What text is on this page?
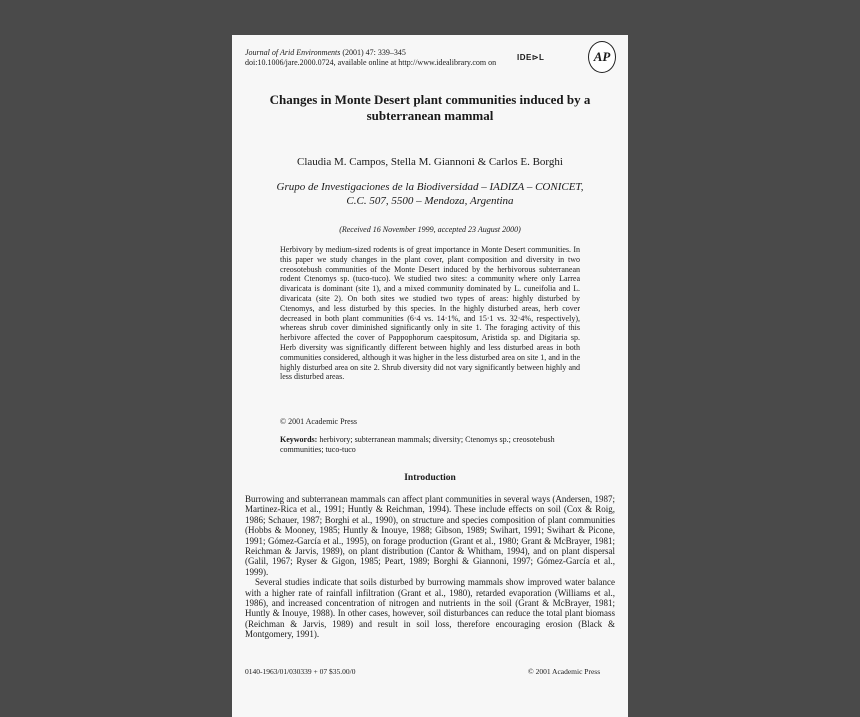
Journal of Arid Environments (2001) 47: 339–345
doi:10.1006/jare.2000.0724, available online at http://www.idealibrary.com on	IDE⊳L	AP
Changes in Monte Desert plant communities induced by a subterranean mammal
Claudia M. Campos, Stella M. Giannoni & Carlos E. Borghi
Grupo de Investigaciones de la Biodiversidad – IADIZA – CONICET,
C.C. 507, 5500 – Mendoza, Argentina
(Received 16 November 1999, accepted 23 August 2000)
Herbivory by medium-sized rodents is of great importance in Monte Desert communities. In this paper we study changes in the plant cover, plant composition and diversity in two creosotebush communities of the Monte Desert induced by the herbivorous subterranean rodent Ctenomys sp. (tuco-tuco). We studied two sites: a community where only Larrea divaricata is dominant (site 1), and a mixed community dominated by L. cuneifolia and L. divaricata (site 2). On both sites we studied two types of areas: highly disturbed by Ctenomys, and less disturbed by this species. In the highly disturbed areas, herb cover decreased in both plant communities (6·4 vs. 14·1%, and 15·1 vs. 32·4%, respectively), whereas shrub cover diminished significantly only in site 1. The foraging activity of this herbivore affected the cover of Pappophorum caespitosum, Aristida sp. and Digitaria sp. Herb diversity was significantly different between highly and less disturbed areas in both communities considered, although it was higher in the less disturbed area on site 1, and in the highly disturbed area on site 2. Shrub diversity did not vary significantly between highly and less disturbed areas.
© 2001 Academic Press
Keywords: herbivory; subterranean mammals; diversity; Ctenomys sp.; creosotebush communities; tuco-tuco
Introduction

Burrowing and subterranean mammals can affect plant communities in several ways (Andersen, 1987; Martinez-Rica et al., 1991; Huntly & Reichman, 1994). These include effects on soil (Cox & Roig, 1986; Schauer, 1987; Borghi et al., 1990), on structure and species composition of plant communities (Hobbs & Mooney, 1985; Huntly & Inouye, 1988; Gibson, 1989; Swihart, 1991; Swihart & Picone, 1991; Gómez-García et al., 1995), on forage production (Grant et al., 1980; Grant & McBrayer, 1981; Reichman & Jarvis, 1989), on plant distribution (Cantor & Whitham, 1994), and on plant dispersal (Galil, 1967; Ryser & Gigon, 1985; Peart, 1989; Borghi & Giannoni, 1997; Gómez-García et al., 1999).

Several studies indicate that soils disturbed by burrowing mammals show improved water balance with a higher rate of rainfall infiltration (Grant et al., 1980), retarded evaporation (Williams et al., 1986), and increased concentration of nitrogen and nutrients in the soil (Grant & McBrayer, 1981; Huntly & Inouye, 1988). In other cases, however, soil disturbances can reduce the total plant biomass (Reichman & Jarvis, 1989) and result in soil loss, therefore encouraging erosion (Black & Montgomery, 1991).

0140-1963/01/030339 + 07 $35.00/0	© 2001 Academic Press
